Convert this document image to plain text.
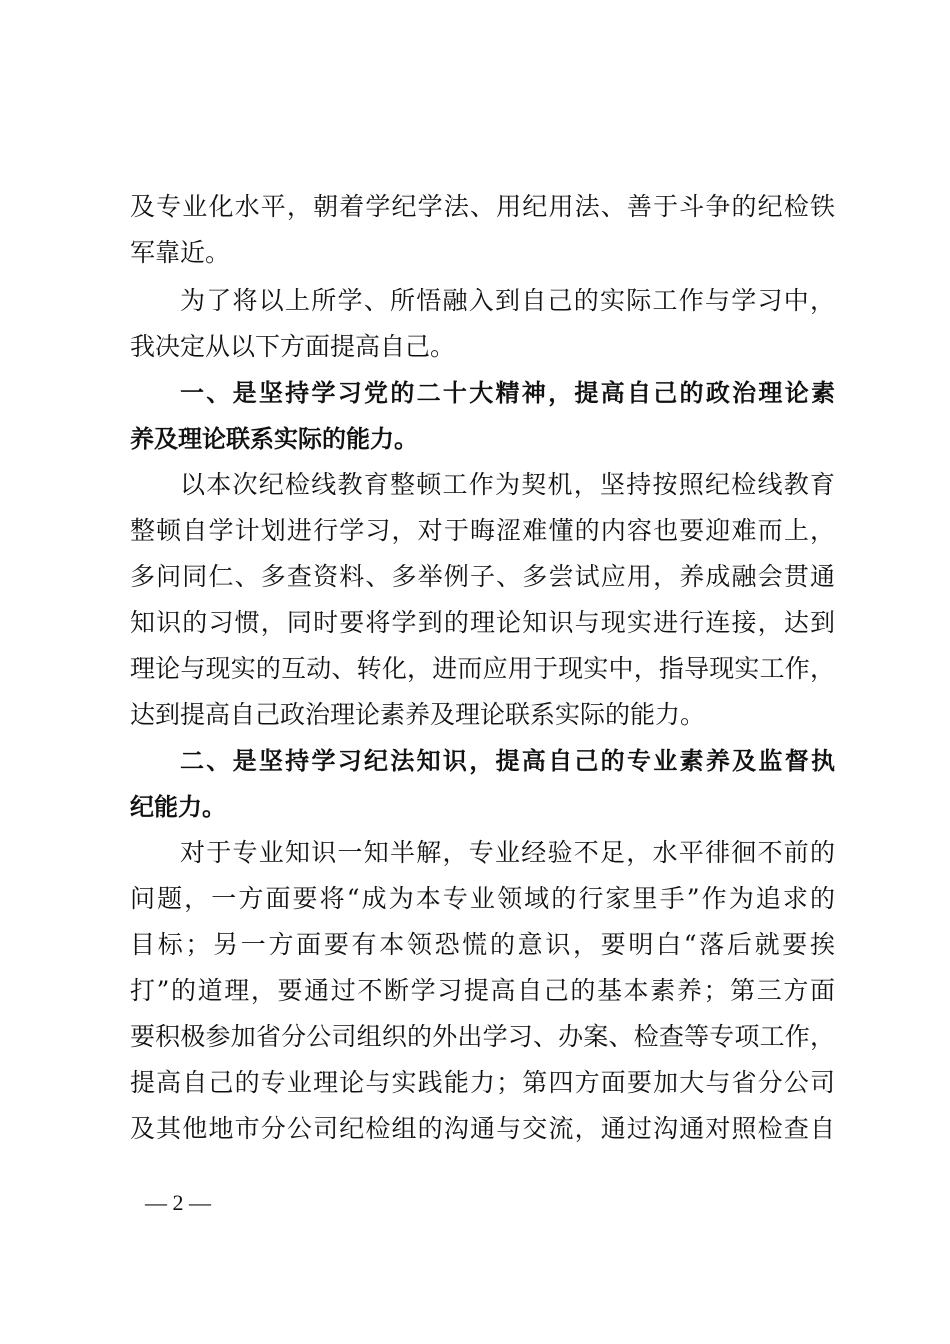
及专业化水平，朝着学纪学法、用纪用法、善于斗争的纪检铁
军靠近。
为了将以上所学、所悟融入到自己的实际工作与学习中，
我决定从以下方面提高自己。
一、是坚持学习党的二十大精神，提高自己的政治理论素
养及理论联系实际的能力。
以本次纪检线教育整顿工作为契机，坚持按照纪检线教育
整顿自学计划进行学习，对于晦涩难懂的内容也要迎难而上，
多问同仁、多查资料、多举例子、多尝试应用，养成融会贯通
知识的习惯，同时要将学到的理论知识与现实进行连接，达到
理论与现实的互动、转化，进而应用于现实中，指导现实工作，
达到提高自己政治理论素养及理论联系实际的能力。
二、是坚持学习纪法知识，提高自己的专业素养及监督执
纪能力。
对于专业知识一知半解，专业经验不足，水平徘徊不前的
问题，一方面要将“成为本专业领域的行家里手”作为追求的
目标；另一方面要有本领恐慌的意识，要明白“落后就要挨
打”的道理，要通过不断学习提高自己的基本素养；第三方面
要积极参加省分公司组织的外出学习、办案、检查等专项工作，
提高自己的专业理论与实践能力；第四方面要加大与省分公司
及其他地市分公司纪检组的沟通与交流，通过沟通对照检查自
— 2 —
